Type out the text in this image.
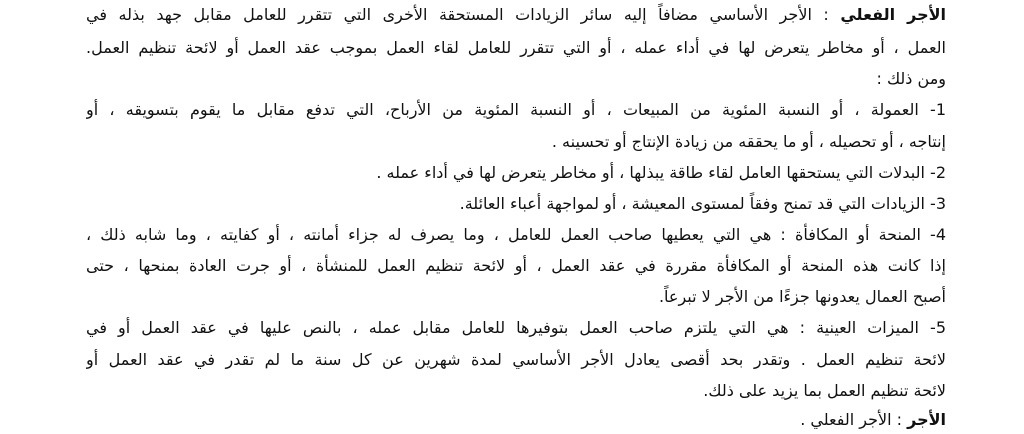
الأجر الفعلي : الأجر الأساسي مضافاً إليه سائر الزيادات المستحقة الأخرى التي تتقرر للعامل مقابل جهد بذله في
العمل ، أو مخاطر يتعرض لها في أداء عمله ، أو التي تتقرر للعامل لقاء العمل بموجب عقد العمل أو لائحة تنظيم العمل.
ومن ذلك :
1- العمولة ، أو النسبة المئوية من المبيعات ، أو النسبة المئوية من الأرباح، التي تدفع مقابل ما يقوم بتسويقه ، أو
إنتاجه ، أو تحصيله ، أو ما يحققه من زيادة الإنتاج أو تحسينه .
2- البدلات التي يستحقها العامل لقاء طاقة يبذلها ، أو مخاطر يتعرض لها في أداء عمله .
3- الزيادات التي قد تمنح وفقاً لمستوى المعيشة ، أو لمواجهة أعباء العائلة.
4- المنحة أو المكافأة : هي التي يعطيها صاحب العمل للعامل ، وما يصرف له جزاء أمانته ، أو كفايته ، وما شابه ذلك ،
إذا كانت هذه المنحة أو المكافأة مقررة في عقد العمل ، أو لائحة تنظيم العمل للمنشأة ، أو جرت العادة بمنحها ، حتى
أصبح العمال يعدونها جزءًا من الأجر لا تبرعاً.
5- الميزات العينية : هي التي يلتزم صاحب العمل بتوفيرها للعامل مقابل عمله ، بالنص عليها في عقد العمل أو في
لائحة تنظيم العمل . وتقدر بحد أقصى يعادل الأجر الأساسي لمدة شهرين عن كل سنة ما لم تقدر في عقد العمل أو
لائحة تنظيم العمل بما يزيد على ذلك.
الأجر : الأجر الفعلي .
